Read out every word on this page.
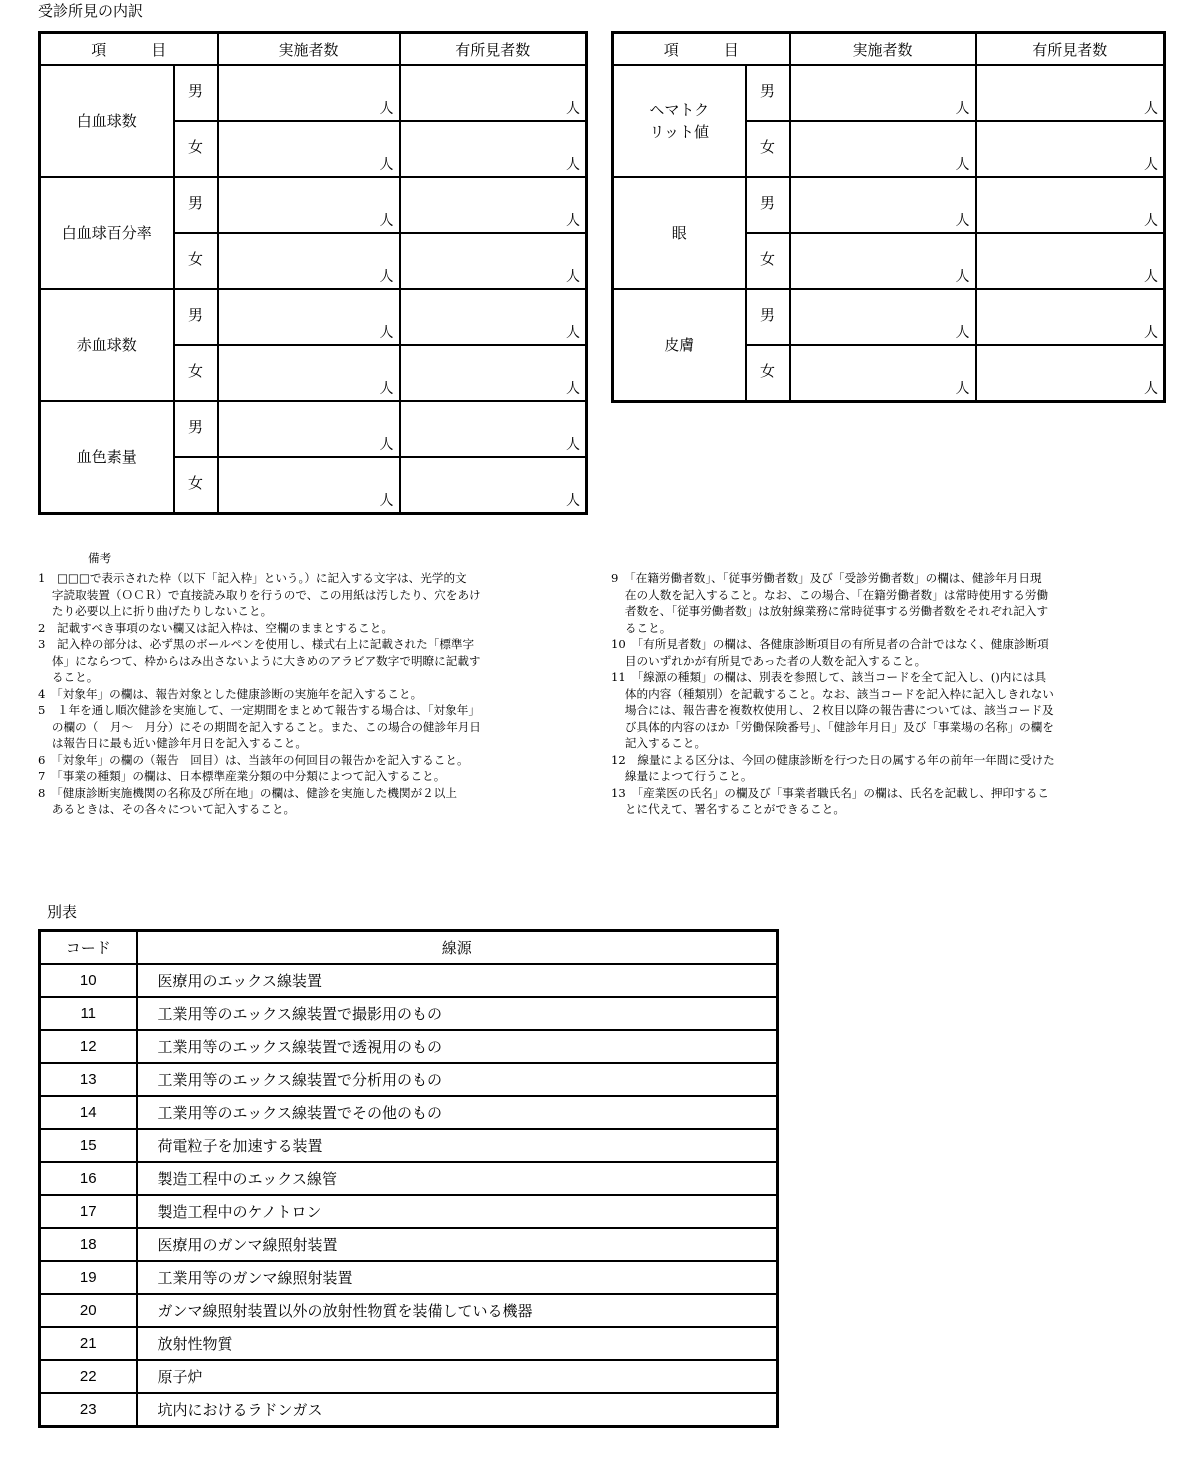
受診所見の内訳
項　　　目		実施者数	有所見者数
白血球数	男	人	人

	女	人	人

白血球百分率	男	人	人

	女	人	人

赤血球数	男	人	人

	女	人	人

血色素量	男	人	人

	女	人	人
項　　　目		実施者数	有所見者数

ヘマトク
リット値	男	人	人

	女	人	人

眼	男	人	人

	女	人	人

皮膚	男	人	人

	女	人	人
備考

1　□□□で表示された枠（以下「記入枠」という。）に記入する文字は、光学的文

字読取装置（ＯＣＲ）で直接読み取りを行うので、この用紙は汚したり、穴をあけ

たり必要以上に折り曲げたりしないこと。

2　記載すべき事項のない欄又は記入枠は、空欄のままとすること。

3　記入枠の部分は、必ず黒のボールペンを使用し、様式右上に記載された「標準字

体」にならつて、枠からはみ出さないように大きめのアラビア数字で明瞭に記載す

ること。

4　「対象年」の欄は、報告対象とした健康診断の実施年を記入すること。

5　１年を通し順次健診を実施して、一定期間をまとめて報告する場合は、「対象年」

の欄の（　月～　月分）にその期間を記入すること。また、この場合の健診年月日

は報告日に最も近い健診年月日を記入すること。

6　「対象年」の欄の（報告　回目）は、当該年の何回目の報告かを記入すること。

7　「事業の種類」の欄は、日本標準産業分類の中分類によつて記入すること。

8　「健康診断実施機関の名称及び所在地」の欄は、健診を実施した機関が２以上

あるときは、その各々について記入すること。

9　「在籍労働者数」、「従事労働者数」及び「受診労働者数」の欄は、健診年月日現

在の人数を記入すること。なお、この場合、「在籍労働者数」は常時使用する労働

者数を、「従事労働者数」は放射線業務に常時従事する労働者数をそれぞれ記入す

ること。

10　「有所見者数」の欄は、各健康診断項目の有所見者の合計ではなく、健康診断項

目のいずれかが有所見であった者の人数を記入すること。

11　「線源の種類」の欄は、別表を参照して、該当コードを全て記入し、()内には具

体的内容（種類別）を記載すること。なお、該当コードを記入枠に記入しきれない

場合には、報告書を複数枚使用し、２枚目以降の報告書については、該当コード及

び具体的内容のほか「労働保険番号」、「健診年月日」及び「事業場の名称」の欄を

記入すること。

12　線量による区分は、今回の健康診断を行つた日の属する年の前年一年間に受けた

線量によつて行うこと。

13　「産業医の氏名」の欄及び「事業者職氏名」の欄は、氏名を記載し、押印するこ

とに代えて、署名することができること。

別表
コード	線源
10	医療用のエックス線装置
11	工業用等のエックス線装置で撮影用のもの
12	工業用等のエックス線装置で透視用のもの
13	工業用等のエックス線装置で分析用のもの
14	工業用等のエックス線装置でその他のもの
15	荷電粒子を加速する装置
16	製造工程中のエックス線管
17	製造工程中のケノトロン
18	医療用のガンマ線照射装置
19	工業用等のガンマ線照射装置
20	ガンマ線照射装置以外の放射性物質を装備している機器
21	放射性物質
22	原子炉
23	坑内におけるラドンガス
